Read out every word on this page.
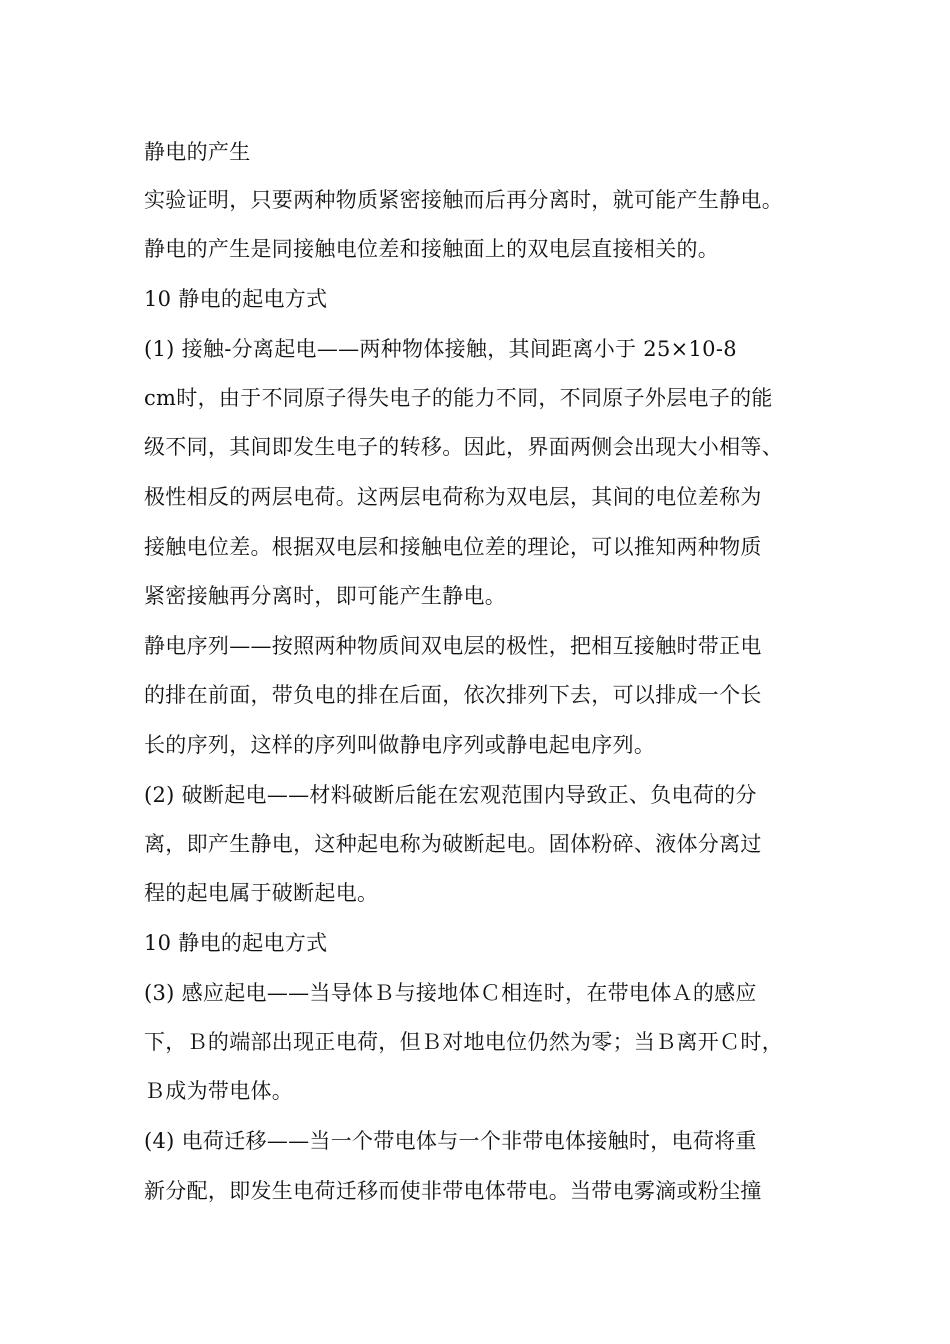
静电的产生
实验证明，只要两种物质紧密接触而后再分离时，就可能产生静电。
静电的产生是同接触电位差和接触面上的双电层直接相关的。
10 静电的起电方式
(1) 接触-分离起电——两种物体接触，其间距离小于 25×10-8
cm时，由于不同原子得失电子的能力不同，不同原子外层电子的能
级不同，其间即发生电子的转移。因此，界面两侧会出现大小相等、
极性相反的两层电荷。这两层电荷称为双电层，其间的电位差称为
接触电位差。根据双电层和接触电位差的理论，可以推知两种物质
紧密接触再分离时，即可能产生静电。
静电序列——按照两种物质间双电层的极性，把相互接触时带正电
的排在前面，带负电的排在后面，依次排列下去，可以排成一个长
长的序列，这样的序列叫做静电序列或静电起电序列。
(2) 破断起电——材料破断后能在宏观范围内导致正、负电荷的分
离，即产生静电，这种起电称为破断起电。固体粉碎、液体分离过
程的起电属于破断起电。
10 静电的起电方式
(3) 感应起电——当导体Ｂ与接地体Ｃ相连时，在带电体Ａ的感应
下，Ｂ的端部出现正电荷，但Ｂ对地电位仍然为零；当Ｂ离开Ｃ时，
Ｂ成为带电体。
(4) 电荷迁移——当一个带电体与一个非带电体接触时，电荷将重
新分配，即发生电荷迁移而使非带电体带电。当带电雾滴或粉尘撞
